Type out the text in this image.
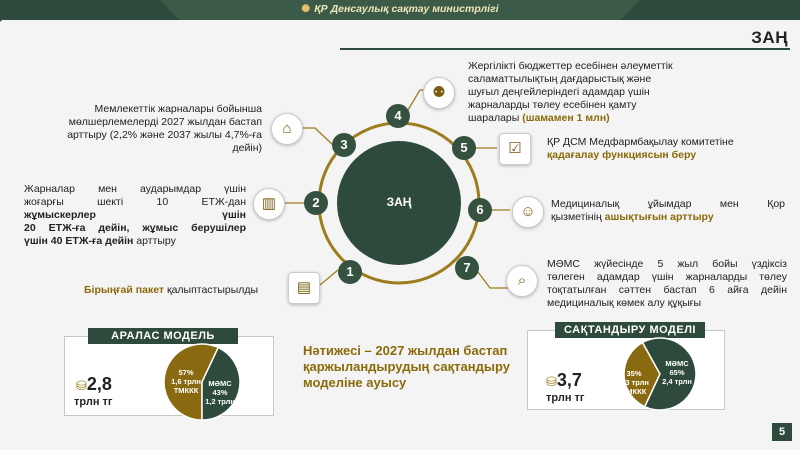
✺ ҚР Денсаулық сақтау министрлігі
ЗАҢ
ЗАҢ
4
5
6
7
3
2
1
⚉
☑
☺
⌕
⌂
▥
▤
Жергілікті бюджеттер есебінен әлеуметтік
саламаттылықтың дағдарыстық және
шуғыл деңгейлеріндегі адамдар үшін
жарналарды төлеу есебінен қамту
шаралары (шамамен 1 млн)
ҚР ДСМ Медфармбақылау комитетіне
қадағалау функциясын беру
Медициналық ұйымдар мен Қор
қызметінің ашықтығын арттыру
МӘМС жүйесінде 5 жыл бойы үздіксіз
төлеген адамдар үшін жарналарды төлеу
тоқтатылған сәттен бастап 6 айға дейін
медициналық көмек алу құқығы
Мемлекеттік жарналары бойынша
мөлшерлемелерді 2027 жылдан бастап
арттыру (2,2% және 2037 жылы 4,7%-ға
дейін)
Жарналар мен аударымдар үшін
жоғарғы шекті 10 ЕТЖ-дан
жұмыскерлер	үшін
20 ЕТЖ-ға дейін, жұмыс берушілер
үшін 40 ЕТЖ-ға дейін арттыру
Бірыңғай пакет қалыптастырылды
АРАЛАС МОДЕЛЬ
⛁2,8
трлн тг
57%
1,6 трлн
ТМККК
МӘМС
43%
1,2 трлн
Нәтижесі – 2027 жылдан бастап қаржыландырудың сақтандыру моделіне ауысу
САҚТАНДЫРУ МОДЕЛІ
⛁3,7
трлн тг
35%
1,3 трлн
ТМККК
МӘМС
65%
2,4 трлн
5
